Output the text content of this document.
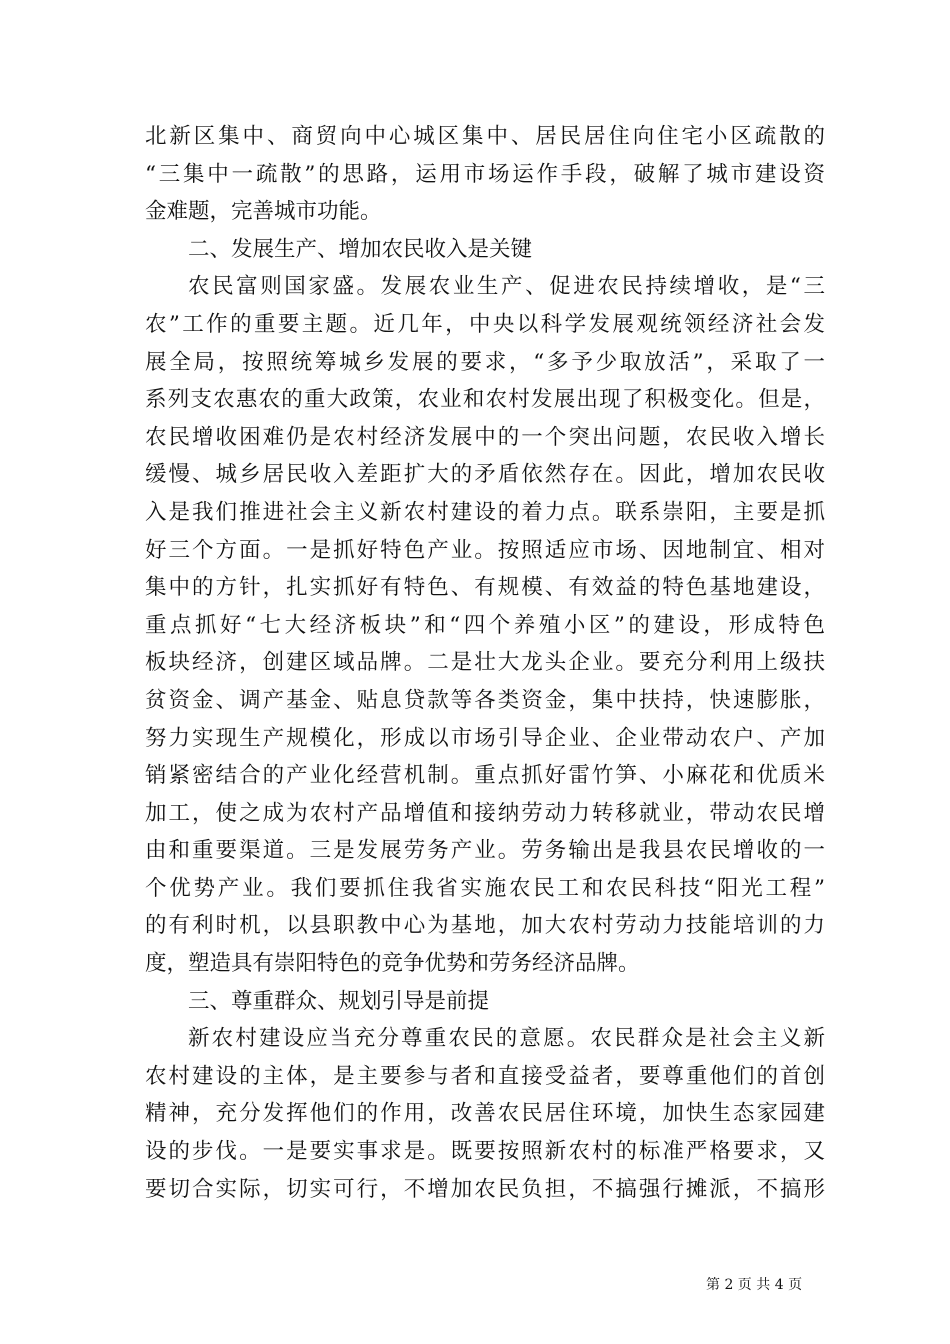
北新区集中、商贸向中心城区集中、居民居住向住宅小区疏散的
“三集中一疏散”的思路，运用市场运作手段，破解了城市建设资
金难题，完善城市功能。
二、发展生产、增加农民收入是关键
农民富则国家盛。发展农业生产、促进农民持续增收，是“三
农”工作的重要主题。近几年，中央以科学发展观统领经济社会发
展全局，按照统筹城乡发展的要求，“多予少取放活”，采取了一
系列支农惠农的重大政策，农业和农村发展出现了积极变化。但是，
农民增收困难仍是农村经济发展中的一个突出问题，农民收入增长
缓慢、城乡居民收入差距扩大的矛盾依然存在。因此，增加农民收
入是我们推进社会主义新农村建设的着力点。联系崇阳，主要是抓
好三个方面。一是抓好特色产业。按照适应市场、因地制宜、相对
集中的方针，扎实抓好有特色、有规模、有效益的特色基地建设，
重点抓好“七大经济板块”和“四个养殖小区”的建设，形成特色
板块经济，创建区域品牌。二是壮大龙头企业。要充分利用上级扶
贫资金、调产基金、贴息贷款等各类资金，集中扶持，快速膨胀，
努力实现生产规模化，形成以市场引导企业、企业带动农户、产加
销紧密结合的产业化经营机制。重点抓好雷竹笋、小麻花和优质米
加工，使之成为农村产品增值和接纳劳动力转移就业，带动农民增
由和重要渠道。三是发展劳务产业。劳务输出是我县农民增收的一
个优势产业。我们要抓住我省实施农民工和农民科技“阳光工程”
的有利时机，以县职教中心为基地，加大农村劳动力技能培训的力
度，塑造具有崇阳特色的竞争优势和劳务经济品牌。
三、尊重群众、规划引导是前提
新农村建设应当充分尊重农民的意愿。农民群众是社会主义新
农村建设的主体，是主要参与者和直接受益者，要尊重他们的首创
精神，充分发挥他们的作用，改善农民居住环境，加快生态家园建
设的步伐。一是要实事求是。既要按照新农村的标准严格要求，又
要切合实际，切实可行，不增加农民负担，不搞强行摊派，不搞形
第 2 页 共 4 页
